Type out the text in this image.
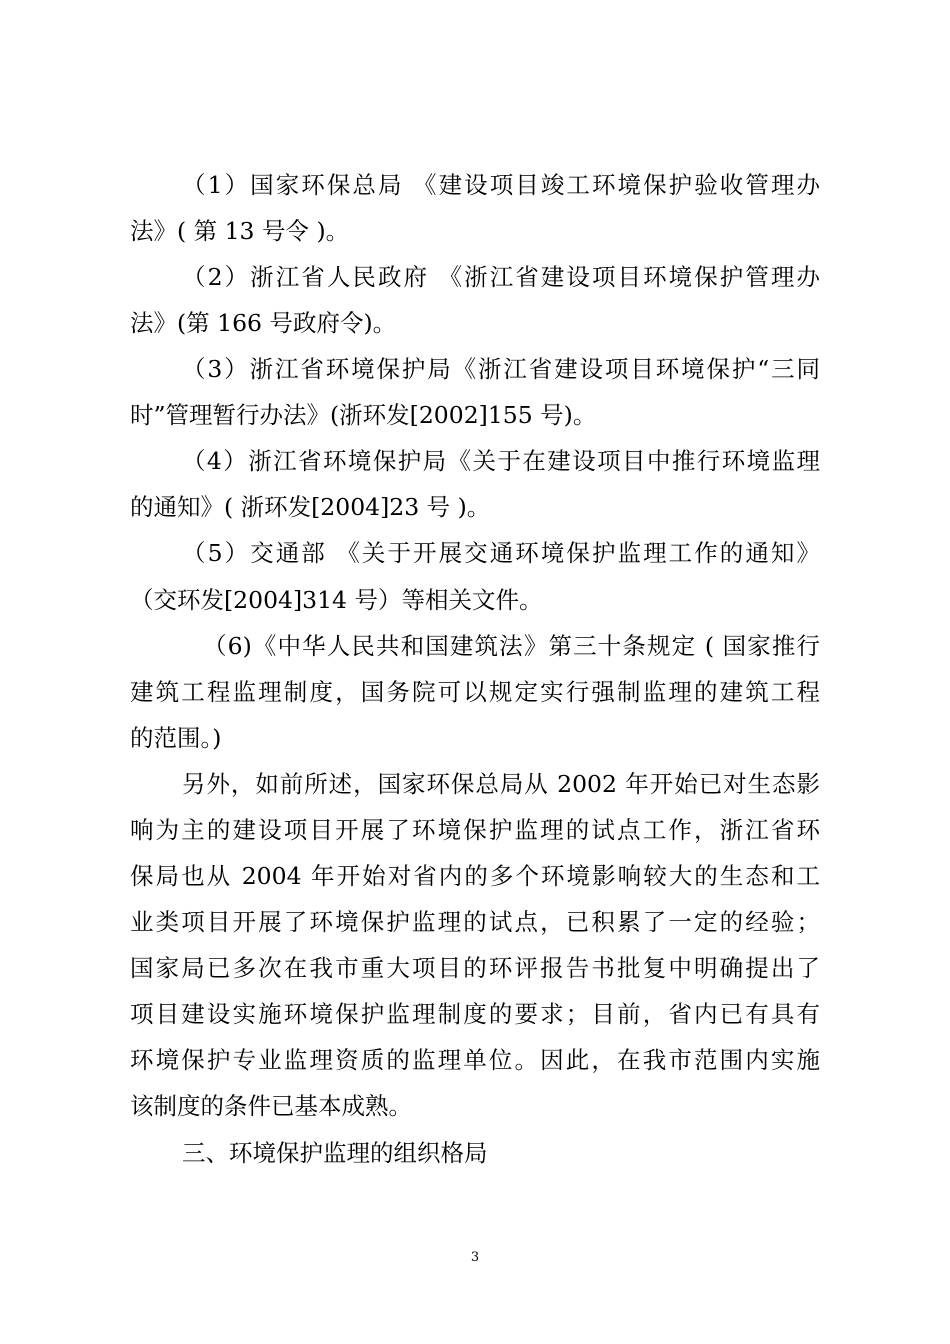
（1）国家环保总局 《建设项目竣工环境保护验收管理办
法》( 第 13 号令 )。
（2）浙江省人民政府 《浙江省建设项目环境保护管理办
法》(第 166 号政府令)。
（3）浙江省环境保护局《浙江省建设项目环境保护“三同
时”管理暂行办法》(浙环发[2002]155 号)。
（4）浙江省环境保护局《关于在建设项目中推行环境监理
的通知》( 浙环发[2004]23 号 )。
（5）交通部 《关于开展交通环境保护监理工作的通知》
（交环发[2004]314 号）等相关文件。
（6)《中华人民共和国建筑法》第三十条规定 ( 国家推行
建筑工程监理制度，国务院可以规定实行强制监理的建筑工程
的范围。)
另外，如前所述，国家环保总局从 2002 年开始已对生态影
响为主的建设项目开展了环境保护监理的试点工作，浙江省环
保局也从 2004 年开始对省内的多个环境影响较大的生态和工
业类项目开展了环境保护监理的试点，已积累了一定的经验；
国家局已多次在我市重大项目的环评报告书批复中明确提出了
项目建设实施环境保护监理制度的要求；目前，省内已有具有
环境保护专业监理资质的监理单位。因此，在我市范围内实施
该制度的条件已基本成熟。
三、环境保护监理的组织格局
3
